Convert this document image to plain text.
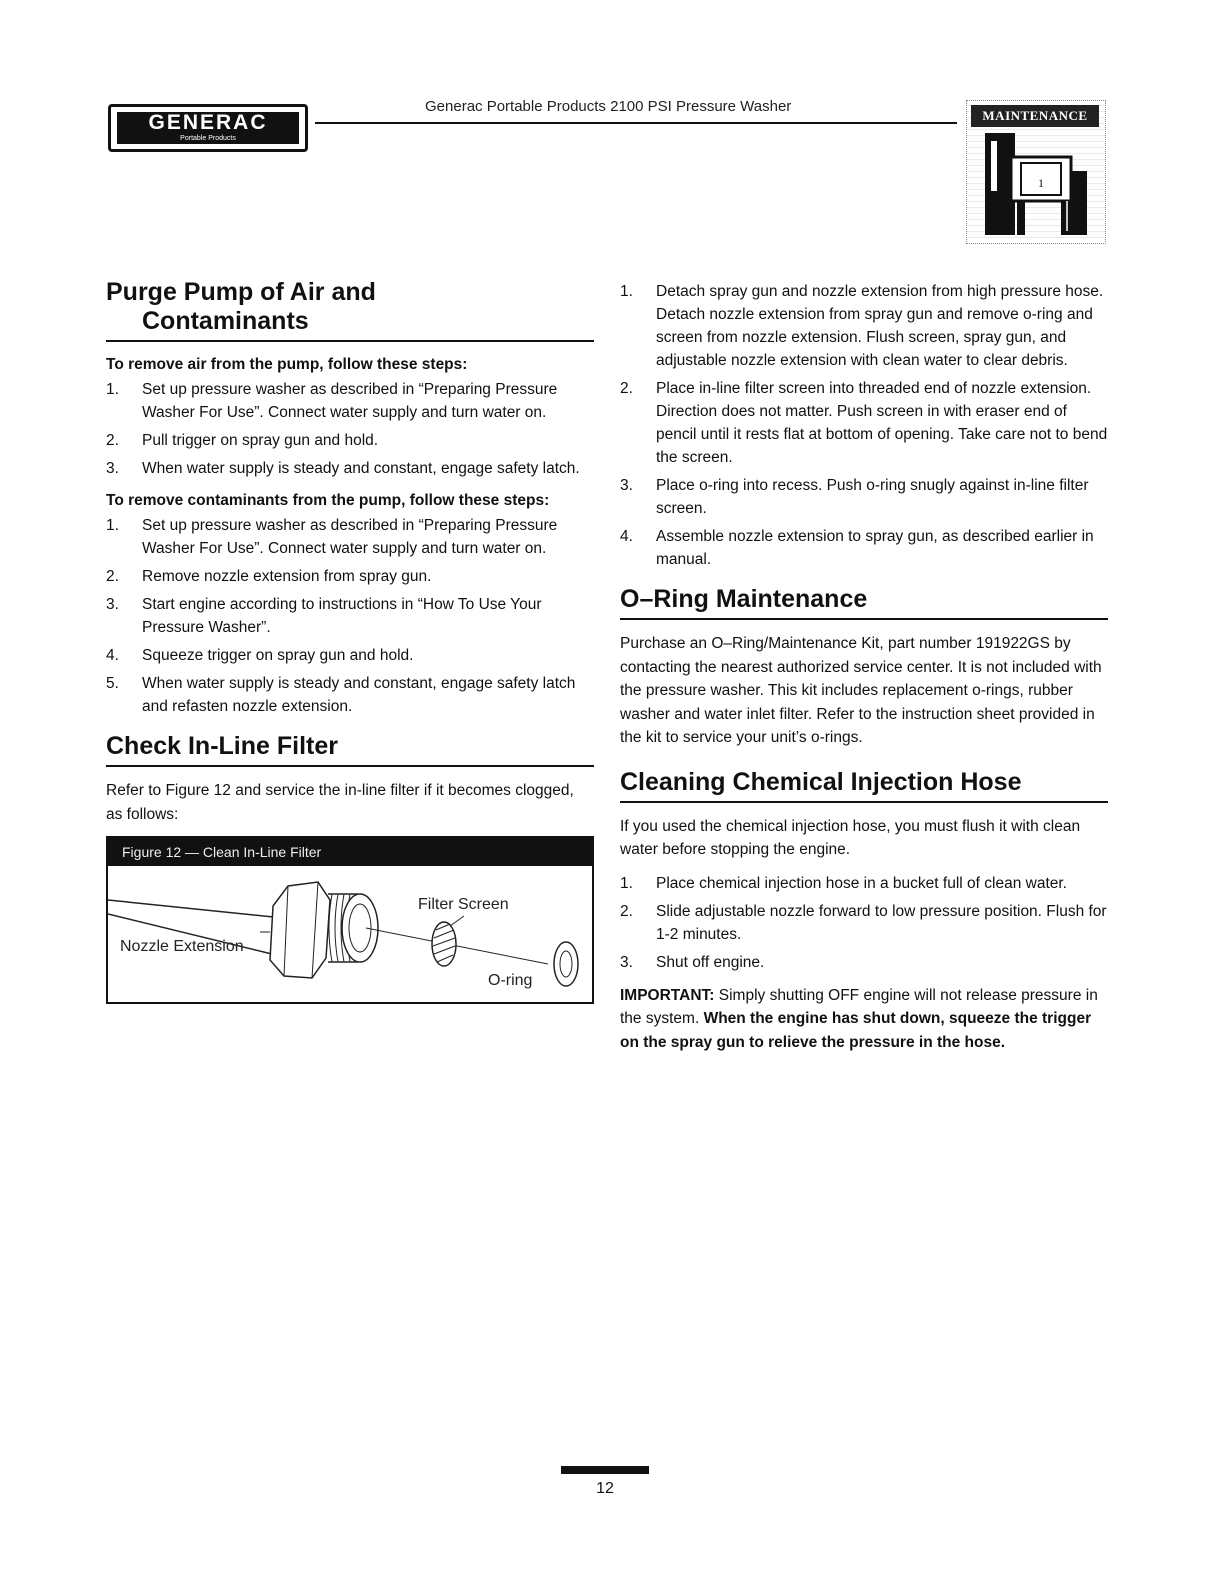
GENERAC
Portable Products
Generac Portable Products 2100 PSI Pressure Washer
MAINTENANCE
1
Purge Pump of Air and
Contaminants
To remove air from the pump, follow these steps:
1. Set up pressure washer as described in “Preparing Pressure Washer For Use”. Connect water supply and turn water on.
2. Pull trigger on spray gun and hold.
3. When water supply is steady and constant, engage safety latch.
To remove contaminants from the pump, follow these steps:
1. Set up pressure washer as described in “Preparing Pressure Washer For Use”. Connect water supply and turn water on.
2. Remove nozzle extension from spray gun.
3. Start engine according to instructions in “How To Use Your Pressure Washer”.
4. Squeeze trigger on spray gun and hold.
5. When water supply is steady and constant, engage safety latch and refasten nozzle extension.
Check In-Line Filter

Refer to Figure 12 and service the in-line filter if it becomes clogged, as follows:

Figure 12 — Clean In-Line Filter
Filter Screen
Nozzle Extension
O-ring
1. Detach spray gun and nozzle extension from high pressure hose. Detach nozzle extension from spray gun and remove o-ring and screen from nozzle extension. Flush screen, spray gun, and adjustable nozzle extension with clean water to clear debris.
2. Place in-line filter screen into threaded end of nozzle extension. Direction does not matter. Push screen in with eraser end of pencil until it rests flat at bottom of opening. Take care not to bend the screen.
3. Place o-ring into recess. Push o-ring snugly against in-line filter screen.
4. Assemble nozzle extension to spray gun, as described earlier in manual.
O–Ring Maintenance

Purchase an O–Ring/Maintenance Kit, part number 191922GS by contacting the nearest authorized service center. It is not included with the pressure washer. This kit includes replacement o-rings, rubber washer and water inlet filter. Refer to the instruction sheet provided in the kit to service your unit’s o-rings.

Cleaning Chemical Injection Hose

If you used the chemical injection hose, you must flush it with clean water before stopping the engine.

1. Place chemical injection hose in a bucket full of clean water.
2. Slide adjustable nozzle forward to low pressure position. Flush for 1-2 minutes.
3. Shut off engine.

IMPORTANT: Simply shutting OFF engine will not release pressure in the system. When the engine has shut down, squeeze the trigger on the spray gun to relieve the pressure in the hose.

12
